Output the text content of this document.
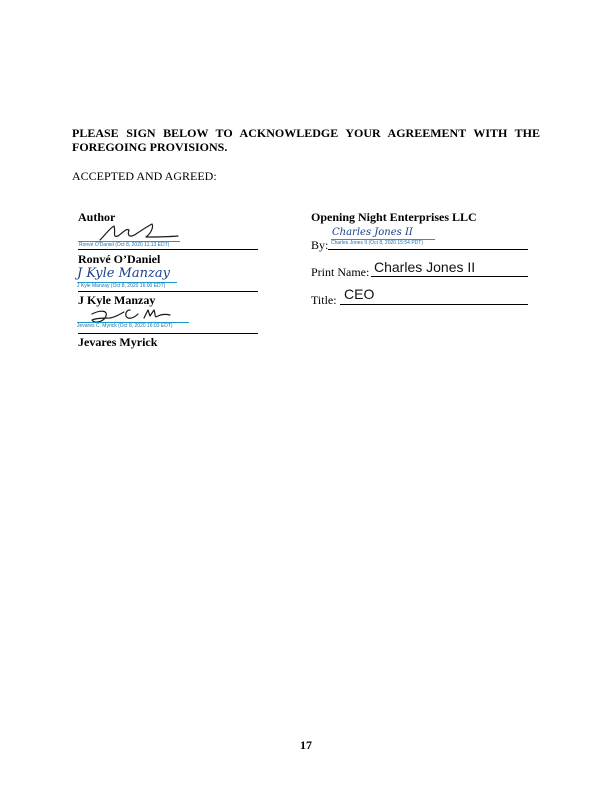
PLEASE SIGN BELOW TO ACKNOWLEDGE YOUR AGREEMENT WITH THE FOREGOING PROVISIONS.
ACCEPTED AND AGREED:
Author
Ronvé O'Daniel (Oct 8, 2020 11:13 EDT)
Ronvé O’Daniel
J Kyle Manzay
J Kyle Manzay (Oct 8, 2020 16:00 EDT)
J Kyle Manzay
Jevares C. Myrick (Oct 8, 2020 16:03 EDT)
Jevares Myrick
Opening Night Enterprises LLC
By:
Charles Jones II
Charles Jones II (Oct 8, 2020 15:54 PDT)
Print Name: Charles Jones II
Title: CEO
17
